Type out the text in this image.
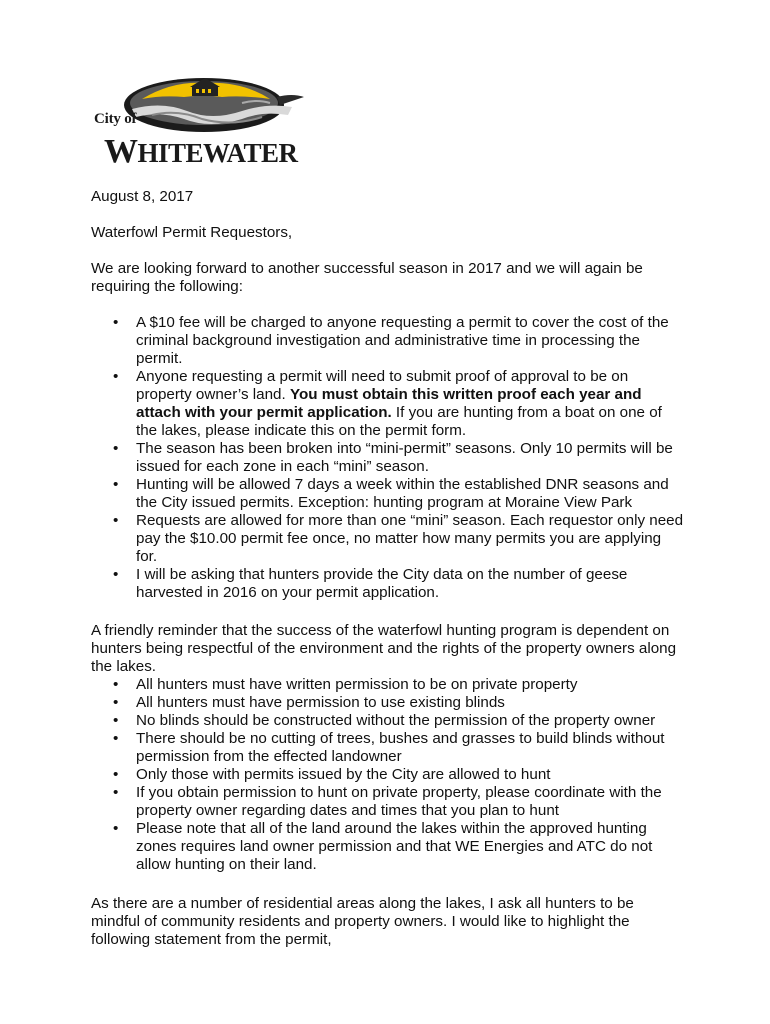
City of
WHITEWATER
August 8, 2017
Waterfowl Permit Requestors,
We are looking forward to another successful season in 2017 and we will again be requiring the following:
• A $10 fee will be charged to anyone requesting a permit to cover the cost of the criminal background investigation and administrative time in processing the permit.
• Anyone requesting a permit will need to submit proof of approval to be on property owner’s land. You must obtain this written proof each year and attach with your permit application. If you are hunting from a boat on one of the lakes, please indicate this on the permit form.
• The season has been broken into “mini-permit” seasons. Only 10 permits will be issued for each zone in each “mini” season.
• Hunting will be allowed 7 days a week within the established DNR seasons and the City issued permits. Exception: hunting program at Moraine View Park
• Requests are allowed for more than one “mini” season. Each requestor only need pay the $10.00 permit fee once, no matter how many permits you are applying for.
• I will be asking that hunters provide the City data on the number of geese harvested in 2016 on your permit application.
A friendly reminder that the success of the waterfowl hunting program is dependent on hunters being respectful of the environment and the rights of the property owners along the lakes.
• All hunters must have written permission to be on private property
• All hunters must have permission to use existing blinds
• No blinds should be constructed without the permission of the property owner
• There should be no cutting of trees, bushes and grasses to build blinds without permission from the effected landowner
• Only those with permits issued by the City are allowed to hunt
• If you obtain permission to hunt on private property, please coordinate with the property owner regarding dates and times that you plan to hunt
• Please note that all of the land around the lakes within the approved hunting zones requires land owner permission and that WE Energies and ATC do not allow hunting on their land.
As there are a number of residential areas along the lakes, I ask all hunters to be mindful of community residents and property owners. I would like to highlight the following statement from the permit,
